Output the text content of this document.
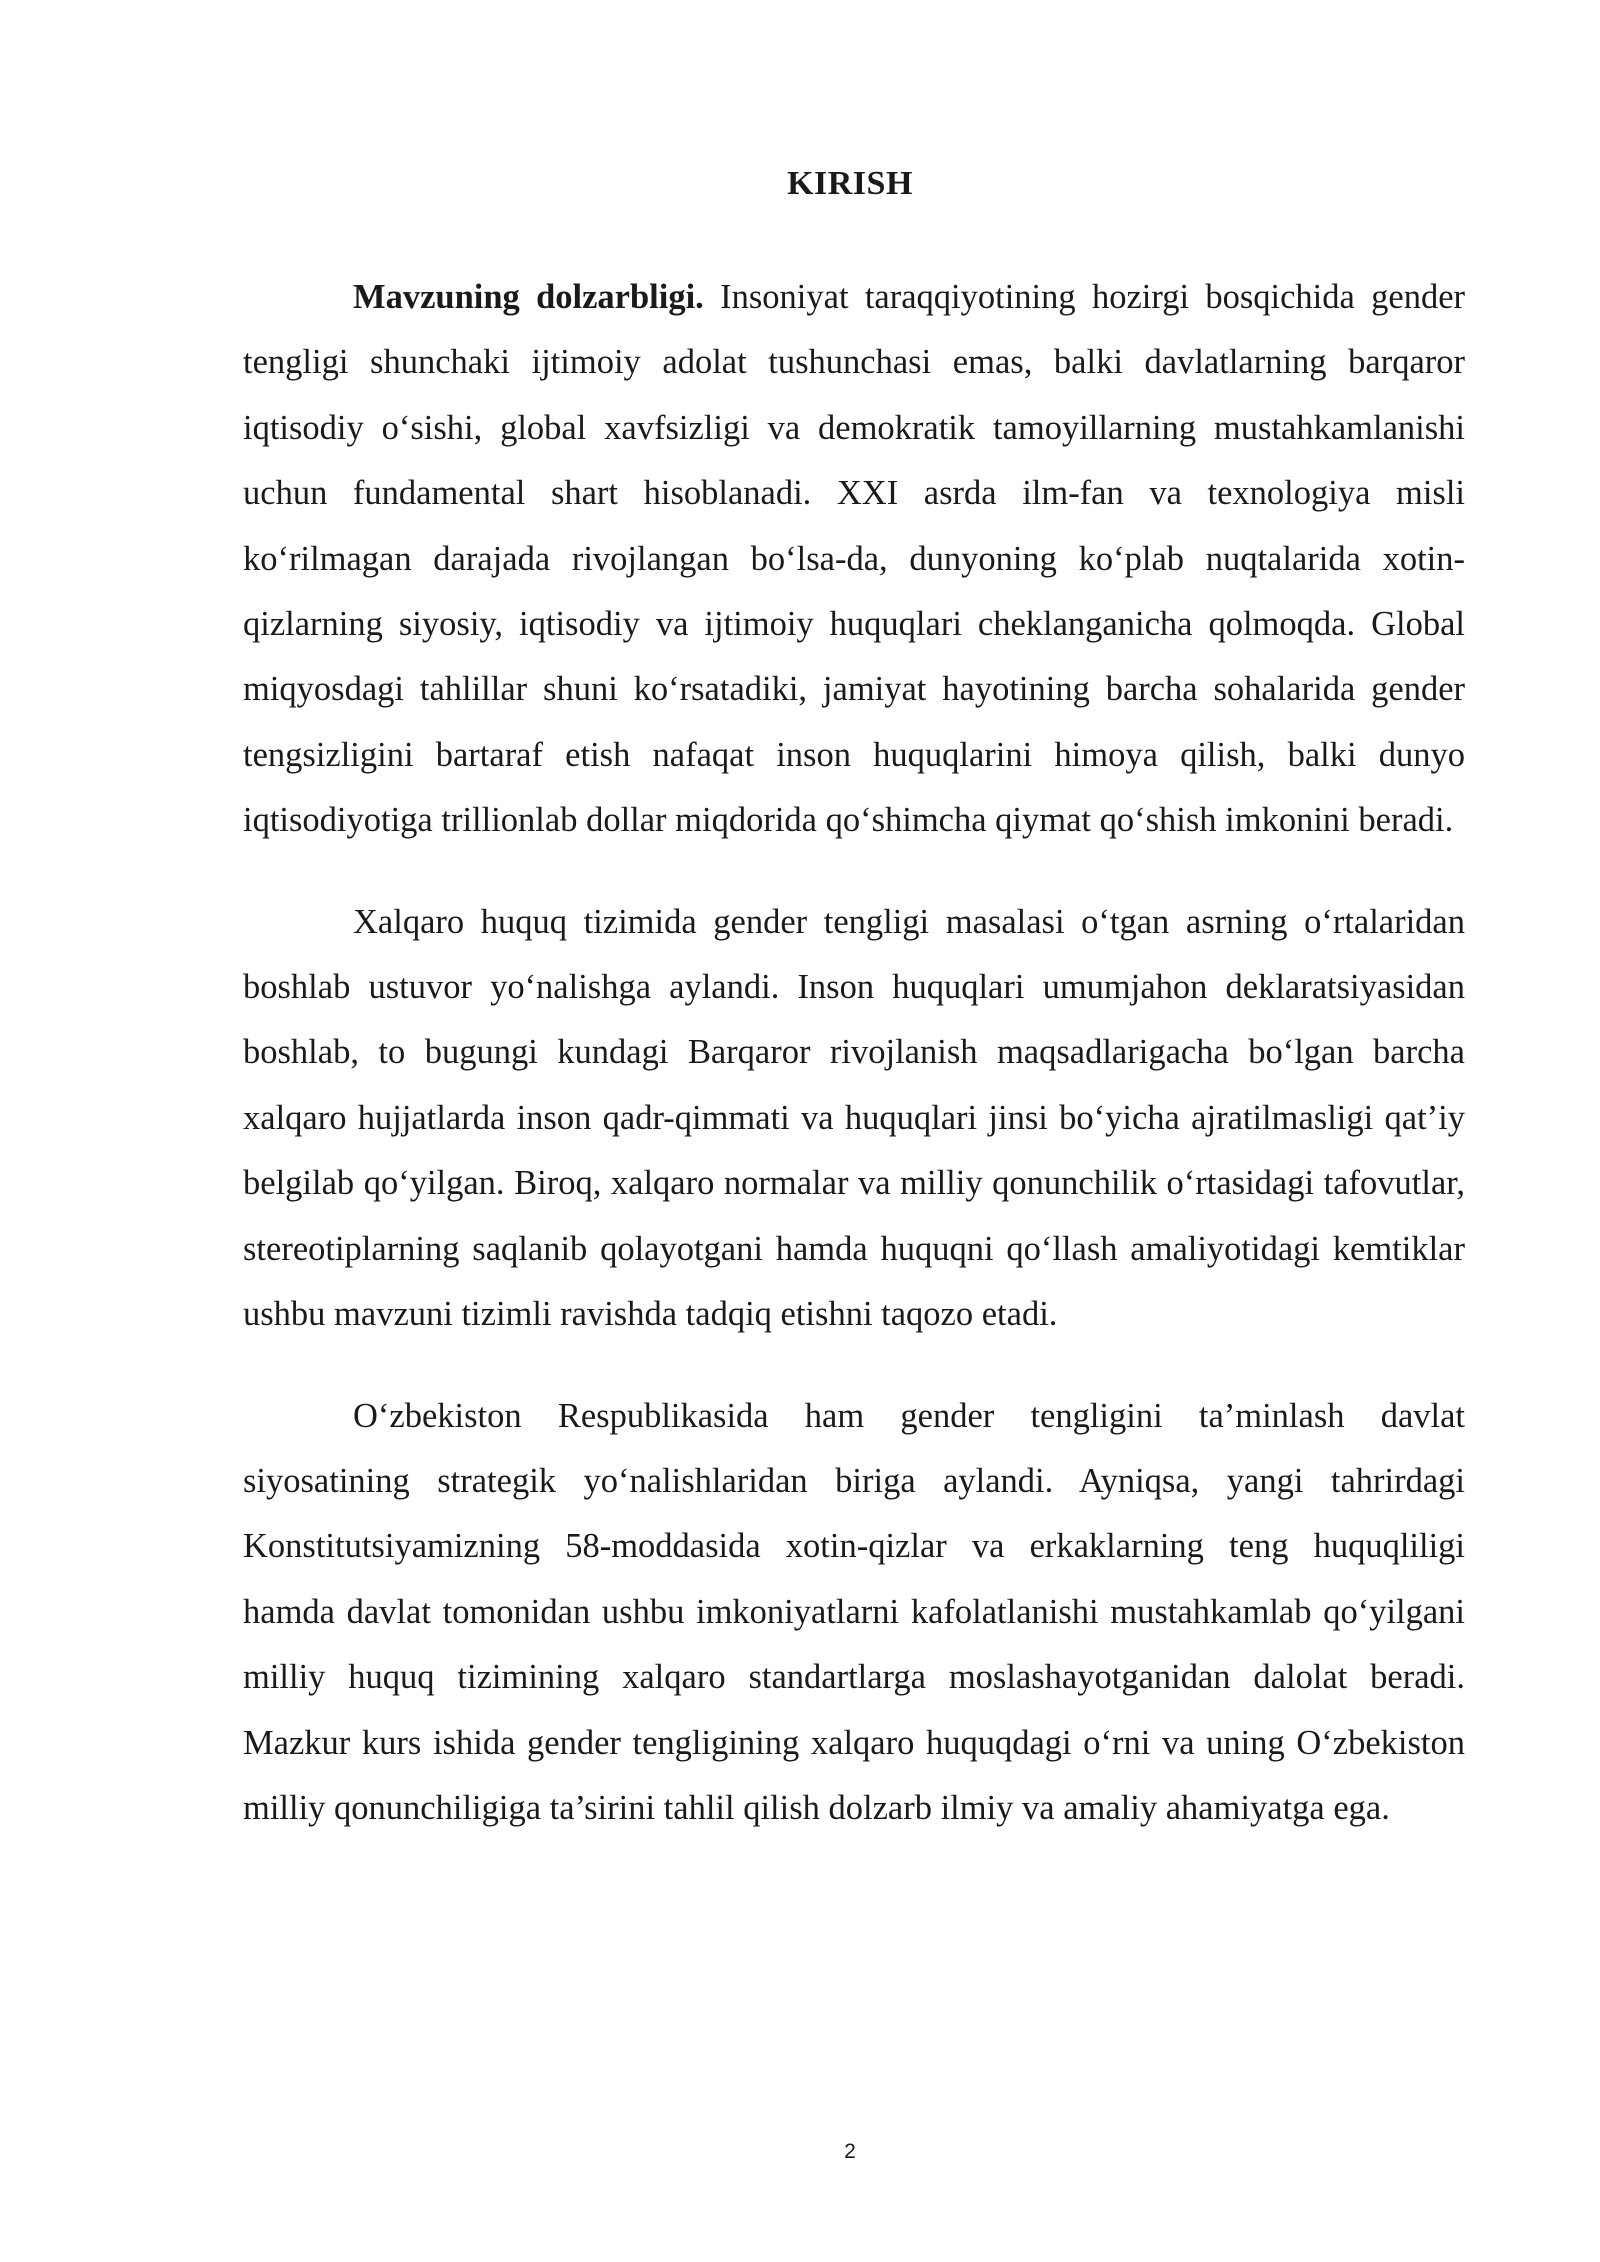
KIRISH

Mavzuning dolzarbligi. Insoniyat taraqqiyotining hozirgi bosqichida gender tengligi shunchaki ijtimoiy adolat tushunchasi emas, balki davlatlarning barqaror iqtisodiy o‘sishi, global xavfsizligi va demokratik tamoyillarning mustahkamlanishi uchun fundamental shart hisoblanadi. XXI asrda ilm-fan va texnologiya misli ko‘rilmagan darajada rivojlangan bo‘lsa-da, dunyoning ko‘plab nuqtalarida xotin-qizlarning siyosiy, iqtisodiy va ijtimoiy huquqlari cheklanganicha qolmoqda. Global miqyosdagi tahlillar shuni ko‘rsatadiki, jamiyat hayotining barcha sohalarida gender tengsizligini bartaraf etish nafaqat inson huquqlarini himoya qilish, balki dunyo iqtisodiyotiga trillionlab dollar miqdorida qo‘shimcha qiymat qo‘shish imkonini beradi.

Xalqaro huquq tizimida gender tengligi masalasi o‘tgan asrning o‘rtalaridan boshlab ustuvor yo‘nalishga aylandi. Inson huquqlari umumjahon deklaratsiyasidan boshlab, to bugungi kundagi Barqaror rivojlanish maqsadlarigacha bo‘lgan barcha xalqaro hujjatlarda inson qadr-qimmati va huquqlari jinsi bo‘yicha ajratilmasligi qat’iy belgilab qo‘yilgan. Biroq, xalqaro normalar va milliy qonunchilik o‘rtasidagi tafovutlar, stereotiplarning saqlanib qolayotgani hamda huquqni qo‘llash amaliyotidagi kemtiklar ushbu mavzuni tizimli ravishda tadqiq etishni taqozo etadi.

O‘zbekiston Respublikasida ham gender tengligini ta’minlash davlat siyosatining strategik yo‘nalishlaridan biriga aylandi. Ayniqsa, yangi tahrirdagi Konstitutsiyamizning 58-moddasida xotin-qizlar va erkaklarning teng huquqliligi hamda davlat tomonidan ushbu imkoniyatlarni kafolatlanishi mustahkamlab qo‘yilgani milliy huquq tizimining xalqaro standartlarga moslashayotganidan dalolat beradi. Mazkur kurs ishida gender tengligining xalqaro huquqdagi o‘rni va uning O‘zbekiston milliy qonunchiligiga ta’sirini tahlil qilish dolzarb ilmiy va amaliy ahamiyatga ega.

2
